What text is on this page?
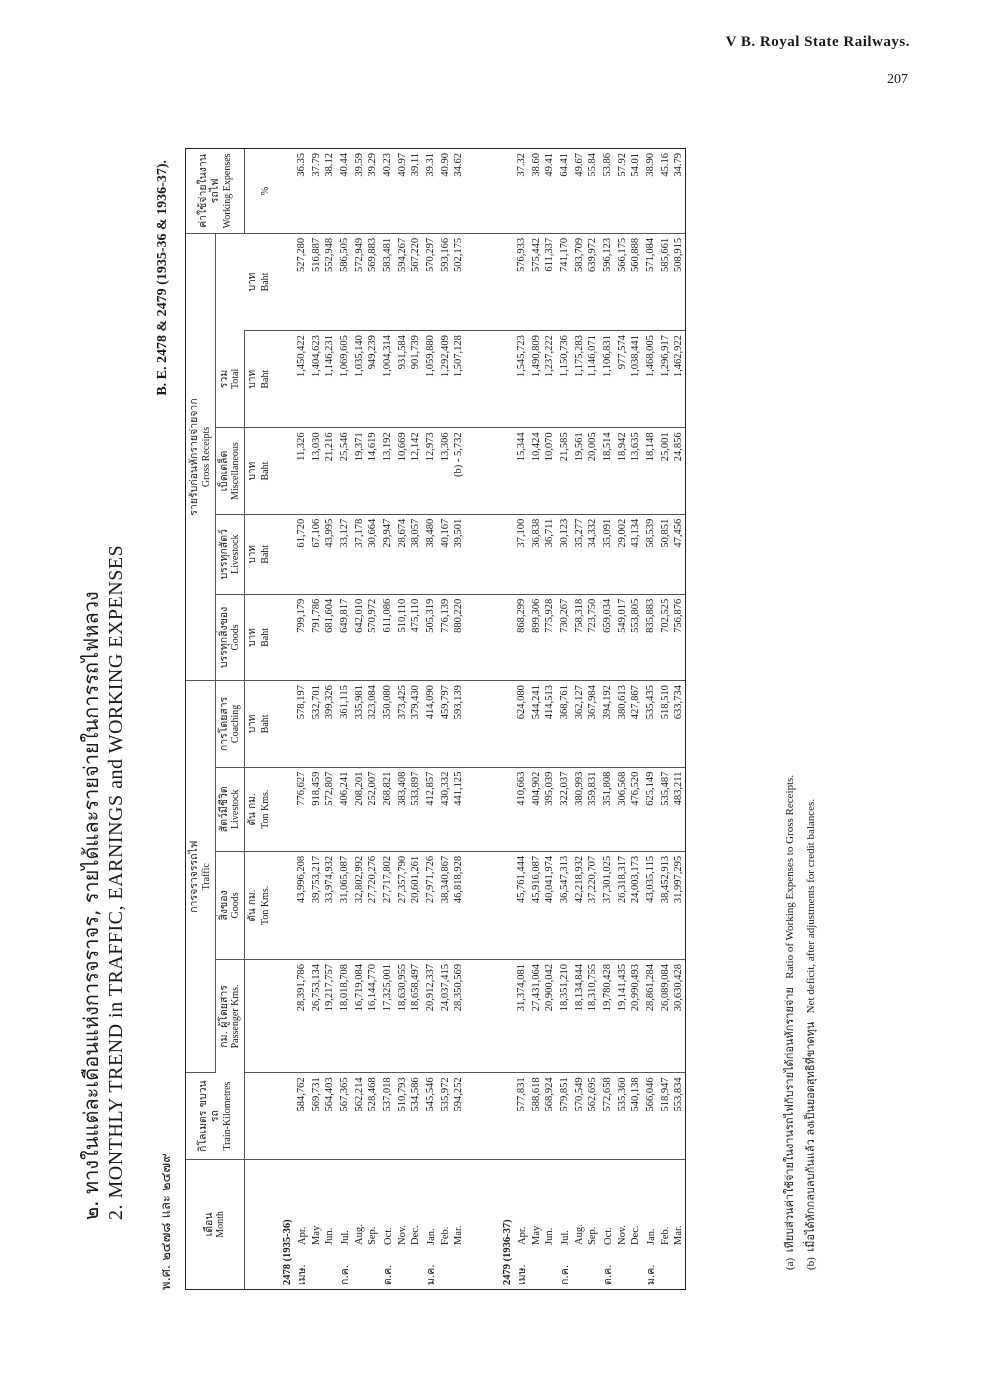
V B. Royal State Railways.
207
๒. ทางในแต่ละเดือนแห่งการจราจร, รายได้และรายจ่ายในการรถไฟหลวง 2. MONTHLY TREND in TRAFFIC, EARNINGS and WORKING EXPENSES
พ.ศ. ๒๔๗๘ และ ๒๔๗๙
B. E. 2478 & 2479 (1935-36 & 1936-37).
เดือน Month	กิโลเมตร ขบวนรถ Train-Kilometres	การจราจรรถไฟ Traffic				รายรับก่อนหักรายจ่ายจาก Gross Receipts					ค่าใช้จ่ายในงานรถไฟ Working Expenses

		กม. ผู้โดยสาร Passenger Kms.	สิ่งของ Goods	สัตว์มีชีวิต Livestock	การโดยสาร Coaching	บรรทุกสิ่งของ Goods	บรรทุกสัตว์ Livestock	เบ็ดเตล็ด Miscellaneous	รวม Total		

			ตัน กม. Ton Kms.	ตัน กม. Ton Kms.	บาท Baht	บาท Baht	บาท Baht	บาท Baht	บาท Baht	บาท Baht	%

2478 (1935-36)											
เมษ.Apr.	584,762	28,391,786	43,996,208	776,627	578,197	799,179	61,720	11,326	1,450,422	527,280	36.35
May	569,731	26,753,134	39,753,217	918,459	532,701	791,786	67,106	13,030	1,404,623	516,887	37.79
Jun.	564,403	19,217,757	33,974,932	572,807	399,326	681,604	43,995	21,216	1,146,231	552,948	38.12
ก.ค.Jul.	567,365	18,018,708	31,065,087	406,241	361,115	649,817	33,127	25,546	1,069,605	586,505	40.44
Aug.	562,214	16,719,084	32,802,992	208,201	335,981	642,010	37,178	19,371	1,035,140	572,949	39.59
Sep.	528,468	16,144,770	27,720,276	252,007	323,084	570,972	30,664	14,619	949,239	569,883	39.29
ต.ค.Oct.	537,018	17,325,001	27,717,802	268,821	350,080	611,086	29,947	13,192	1,004,314	583,481	40.23
Nov.	510,793	18,630,955	27,357,790	383,408	373,425	510,110	28,674	10,669	931,584	594,267	40.97
Dec.	534,586	18,658,497	20,601,261	533,897	379,430	475,110	38,057	12,142	901,739	567,220	39.11
ม.ค.Jan.	545,546	20,912,337	27,971,726	412,857	414,090	505,319	38,480	12,973	1,059,880	570,297	39.31
Feb.	535,972	24,037,415	38,340,867	430,332	459,797	776,139	40,167	13,306	1,292,409	593,166	40.90
Mar.	594,252	28,350,569	46,818,928	441,125	593,139	880,220	39,501	(b) - 5,732	1,507,128	502,175	34.62

2479 (1936-37)											
เมษ.Apr.	577,831	31,374,081	45,761,444	410,663	624,080	868,299	37,100	15,344	1,545,723	576,933	37.32
May	588,618	27,431,064	45,916,087	404,902	544,241	899,306	36,838	10,424	1,490,809	575,442	38.60
Jun.	568,924	20,900,042	40,041,974	395,039	414,513	775,928	36,711	10,070	1,237,222	611,337	49.41
ก.ค.Jul.	579,851	18,351,210	36,547,313	322,037	368,761	730,267	30,123	21,585	1,150,736	741,170	64.41
Aug.	570,549	18,134,844	42,218,932	380,993	362,127	758,318	35,277	19,561	1,175,283	583,709	49.67
Sep.	562,695	18,310,755	37,220,707	359,831	367,984	723,750	34,332	20,005	1,146,071	639,972	55.84
ต.ค.Oct.	572,658	19,780,428	37,301,025	351,808	394,192	659,034	35,091	18,514	1,106,831	596,123	53.86
Nov.	535,360	19,141,435	26,318,317	306,568	380,613	549,017	29,002	18,942	977,574	566,175	57.92
Dec.	540,138	20,990,493	24,003,173	476,520	427,867	553,805	43,134	13,635	1,038,441	560,888	54.01
ม.ค.Jan.	566,046	28,861,284	43,035,115	625,149	535,435	835,883	58,539	18,148	1,468,005	571,084	38.90
Feb.	518,947	26,089,084	38,452,913	535,487	518,510	702,525	50,851	25,001	1,296,917	585,661	45.16
Mar.	553,834	30,630,428	31,997,295	483,211	633,734	756,876	47,456	24,856	1,462,922	508,915	34.79
(a)  เทียบส่วนค่าใช้จ่ายในงานรถไฟกับรายได้ก่อนหักรายจ่าย   Ratio of Working Expenses to Gross Receipts.
(b)  เมื่อได้หักกลบลบกันแล้ว ลงเป็นยอดสุทธิที่ขาดทุน   Net deficit, after adjustments for credit balances.
